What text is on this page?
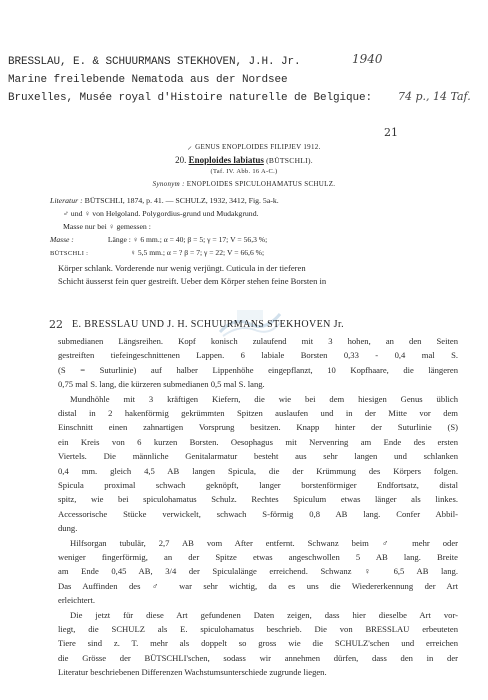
BRESSLAU, E. & SCHUURMANS STEKHOVEN, J.H. Jr.	1940
Marine freilebende Nematoda aus der Nordsee
Bruxelles, Musée royal d'Histoire naturelle de Belgique: 74 p., 14 Taf.
21
⸝ GENUS ENOPLOIDES FILIPJEV 1912.
20. Enoploides labiatus (BÜTSCHLI).
(Taf. IV. Abb. 16 A-C.)
Synonym : ENOPLOIDES SPICULOHAMATUS SCHULZ.
Literatur : BÜTSCHLI, 1874, p. 41. — SCHULZ, 1932, 3412, Fig. 5a-k.
♂ und ♀ von Helgoland. Polygordius-grund und Mudakgrund.
Masse nur bei ♀ gemessen :
Masse :	Länge : ♀ 6 mm.; α = 40; β = 5; γ = 17; V = 56,3 %;
BÜTSCHLI :	♀ 5,5 mm.; α = ? β = 7; γ = 22; V = 66,6 %;
Körper schlank. Vorderende nur wenig verjüngt. Cuticula in der tieferen
Schicht äusserst fein quer gestreift. Ueber dem Körper stehen feine Borsten in
22 E. BRESSLAU UND J. H. SCHUURMANS STEKHOVEN Jr.
submedianen Längsreihen. Kopf konisch zulaufend mit 3 hohen, an den Seiten
gestreiften tiefeingeschnittenen Lappen. 6 labiale Borsten 0,33 - 0,4 mal S.
(S = Suturlinie) auf halber Lippenhöhe eingepflanzt, 10 Kopfhaare, die längeren
0,75 mal S. lang, die kürzeren submedianen 0,5 mal S. lang.
Mundhöhle mit 3 kräftigen Kiefern, die wie bei dem hiesigen Genus üblich
distal in 2 hakenförmig gekrümmten Spitzen auslaufen und in der Mitte vor dem
Einschnitt einen zahnartigen Vorsprung besitzen. Knapp hinter der Suturlinie (S)
ein Kreis von 6 kurzen Borsten. Oesophagus mit Nervenring am Ende des ersten
Viertels. Die männliche Genitalarmatur besteht aus sehr langen und schlanken
0,4 mm. gleich 4,5 AB langen Spicula, die der Krümmung des Körpers folgen.
Spicula proximal schwach geknöpft, langer borstenförmiger Endfortsatz, distal
spitz, wie bei spiculohamatus Schulz. Rechtes Spiculum etwas länger als linkes.
Accessorische Stücke verwickelt, schwach S-förmig 0,8 AB lang. Confer Abbil-
dung.
Hilfsorgan tubulär, 2,7 AB vom After entfernt. Schwanz beim ♂ mehr oder
weniger fingerförmig, an der Spitze etwas angeschwollen 5 AB lang. Breite
am Ende 0,45 AB, 3/4 der Spiculalänge erreichend. Schwanz ♀ 6,5 AB lang.
Das Auffinden des ♂ war sehr wichtig, da es uns die Wiedererkennung der Art
erleichtert.
Die jetzt für diese Art gefundenen Daten zeigen, dass hier dieselbe Art vor-
liegt, die SCHULZ als E. spiculohamatus beschrieb. Die von BRESSLAU erbeuteten
Tiere sind z. T. mehr als doppelt so gross wie die SCHULZ'schen und erreichen
die Grösse der BÜTSCHLI'schen, sodass wir annehmen dürfen, dass den in der
Literatur beschriebenen Differenzen Wachstumsunterschiede zugrunde liegen.
